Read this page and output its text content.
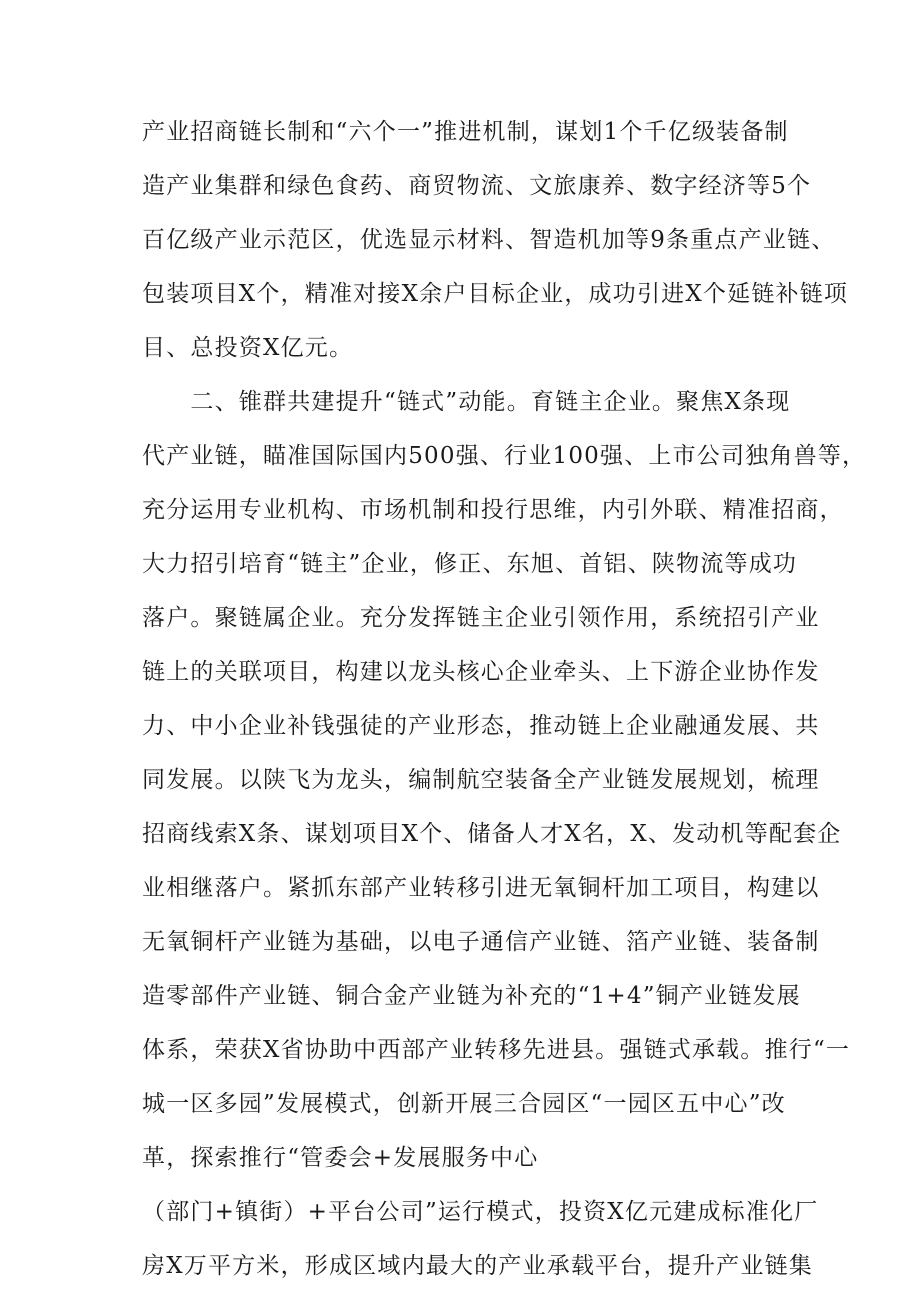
产业招商链长制和“六个一”推进机制，谋划1个千亿级装备制
造产业集群和绿色食药、商贸物流、文旅康养、数字经济等5个
百亿级产业示范区，优选显示材料、智造机加等9条重点产业链、
包装项目X个，精准对接X余户目标企业，成功引进X个延链补链项
目、总投资X亿元。
　　二、锥群共建提升“链式”动能。育链主企业。聚焦X条现
代产业链，瞄准国际国内500强、行业100强、上市公司独角兽等，
充分运用专业机构、市场机制和投行思维，内引外联、精准招商，
大力招引培育“链主”企业，修正、东旭、首铝、陕物流等成功
落户。聚链属企业。充分发挥链主企业引领作用，系统招引产业
链上的关联项目，构建以龙头核心企业牵头、上下游企业协作发
力、中小企业补钱强徒的产业形态，推动链上企业融通发展、共
同发展。以陕飞为龙头，编制航空装备全产业链发展规划，梳理
招商线索X条、谋划项目X个、储备人才X名，X、发动机等配套企
业相继落户。紧抓东部产业转移引进无氧铜杆加工项目，构建以
无氧铜杆产业链为基础，以电子通信产业链、箔产业链、装备制
造零部件产业链、铜合金产业链为补充的“1+4”铜产业链发展
体系，荣获X省协助中西部产业转移先进县。强链式承载。推行“一
城一区多园”发展模式，创新开展三合园区“一园区五中心”改
革，探索推行“管委会+发展服务中心
（部门+镇街）+平台公司”运行模式，投资X亿元建成标准化厂
房X万平方米，形成区域内最大的产业承载平台，提升产业链集
